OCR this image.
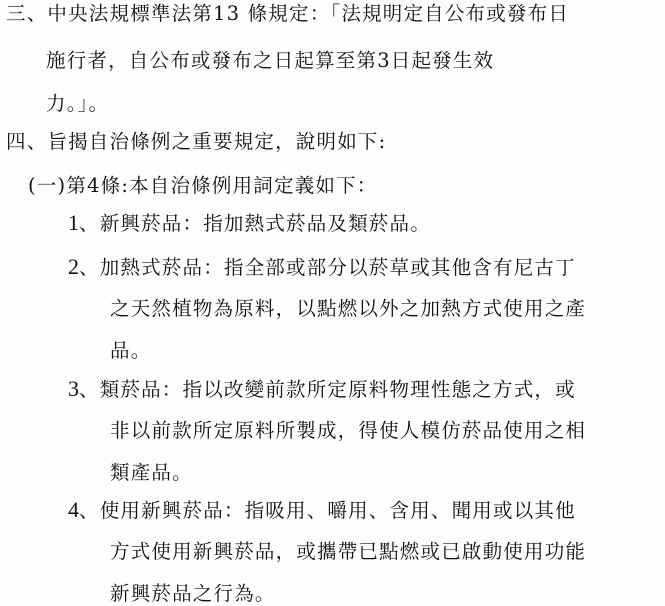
三、中央法規標準法第13 條規定：「法規明定自公布或發布日
施行者，自公布或發布之日起算至第3日起發生效
力。」。
四、旨揭自治條例之重要規定，說明如下:
(一)第4條:本自治條例用詞定義如下：
1、新興菸品：指加熱式菸品及類菸品。
2、加熱式菸品：指全部或部分以菸草或其他含有尼古丁
之天然植物為原料，以點燃以外之加熱方式使用之產
品。
3、類菸品：指以改變前款所定原料物理性態之方式，或
非以前款所定原料所製成，得使人模仿菸品使用之相
類產品。
4、使用新興菸品：指吸用、嚼用、含用、聞用或以其他
方式使用新興菸品，或攜帶已點燃或已啟動使用功能
新興菸品之行為。
